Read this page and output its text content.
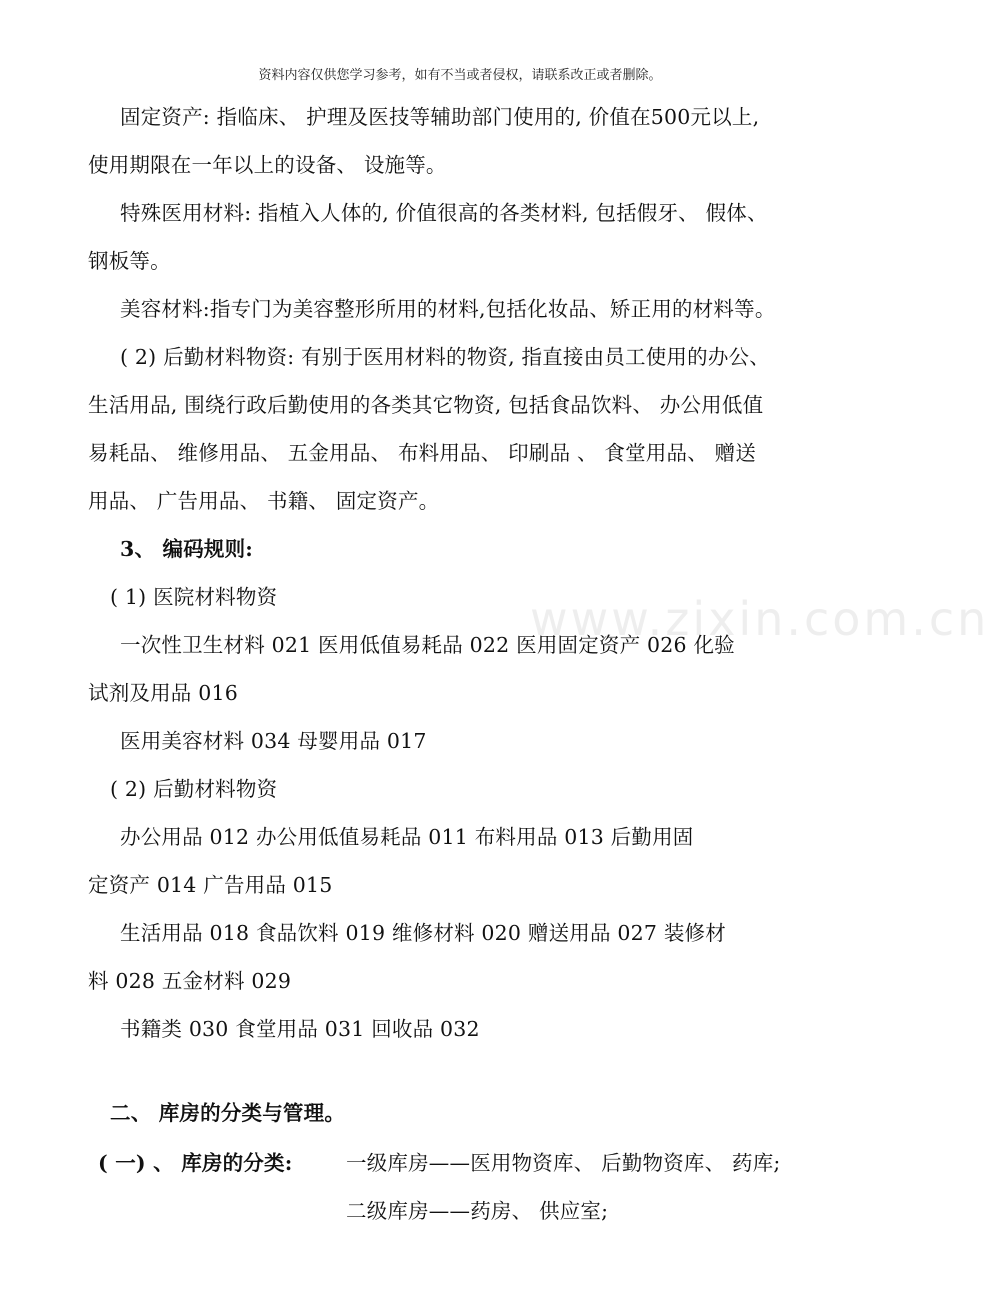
资料内容仅供您学习参考，如有不当或者侵权，请联系改正或者删除。
www.zixin.com.cn
固定资产: 指临床、 护理及医技等辅助部门使用的, 价值在500元以上,
使用期限在一年以上的设备、 设施等。
特殊医用材料: 指植入人体的, 价值很高的各类材料, 包括假牙、 假体、
钢板等。
美容材料:指专门为美容整形所用的材料,包括化妆品、矫正用的材料等。
( 2) 后勤材料物资: 有别于医用材料的物资, 指直接由员工使用的办公、
生活用品, 围绕行政后勤使用的各类其它物资, 包括食品饮料、 办公用低值
易耗品、 维修用品、 五金用品、 布料用品、 印刷品 、 食堂用品、 赠送
用品、 广告用品、 书籍、 固定资产。
3、 编码规则:
( 1) 医院材料物资
一次性卫生材料 021 医用低值易耗品 022 医用固定资产 026 化验
试剂及用品 016
医用美容材料 034 母婴用品 017
( 2) 后勤材料物资
办公用品 012 办公用低值易耗品 011 布料用品 013 后勤用固
定资产 014 广告用品 015
生活用品 018 食品饮料 019 维修材料 020 赠送用品 027 装修材
料 028 五金材料 029
书籍类 030 食堂用品 031 回收品 032
二、 库房的分类与管理。
( 一) 、 库房的分类:	一级库房——医用物资库、 后勤物资库、 药库;
二级库房——药房、 供应室;
